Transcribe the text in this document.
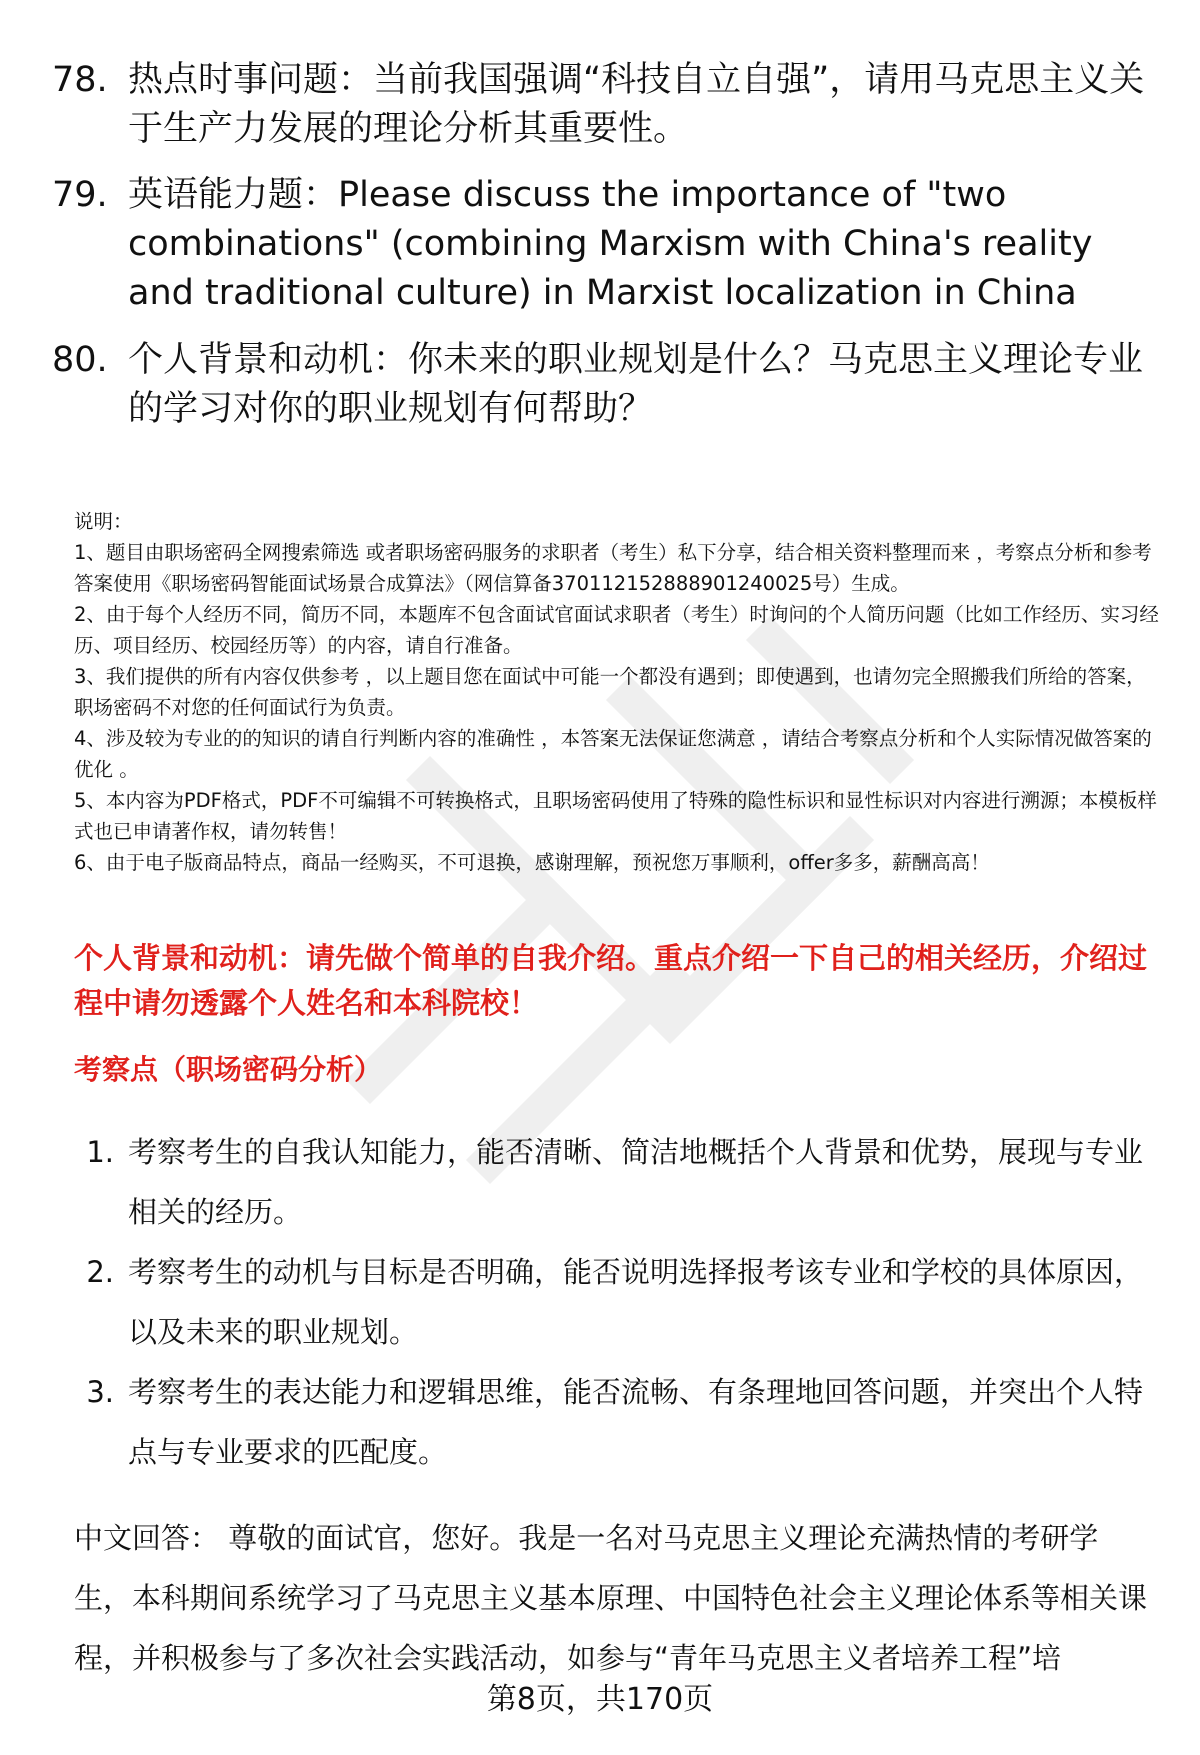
78. 热点时事问题：当前我国强调“科技自立自强”，请用马克思主义关于生产力发展的理论分析其重要性。
79. 英语能力题：Please discuss the importance of "two combinations" (combining Marxism with China's reality and traditional culture) in Marxist localization in China
80. 个人背景和动机：你未来的职业规划是什么？马克思主义理论专业的学习对你的职业规划有何帮助？
说明：
1、题目由职场密码全网搜索筛选 或者职场密码服务的求职者（考生）私下分享，结合相关资料整理而来 ，考察点分析和参考答案使用《职场密码智能面试场景合成算法》（网信算备370112152888901240025号）生成。
2、由于每个人经历不同，简历不同，本题库不包含面试官面试求职者（考生）时询问的个人简历问题（比如工作经历、实习经历、项目经历、校园经历等）的内容，请自行准备。
3、我们提供的所有内容仅供参考 ，以上题目您在面试中可能一个都没有遇到；即使遇到，也请勿完全照搬我们所给的答案，职场密码不对您的任何面试行为负责。
4、涉及较为专业的的知识的请自行判断内容的准确性 ，本答案无法保证您满意 ，请结合考察点分析和个人实际情况做答案的优化 。
5、本内容为PDF格式，PDF不可编辑不可转换格式，且职场密码使用了特殊的隐性标识和显性标识对内容进行溯源；本模板样式也已申请著作权，请勿转售！
6、由于电子版商品特点，商品一经购买，不可退换，感谢理解，预祝您万事顺利，offer多多，薪酬高高！
个人背景和动机：请先做个简单的自我介绍。重点介绍一下自己的相关经历，介绍过程中请勿透露个人姓名和本科院校！
考察点（职场密码分析）
1. 考察考生的自我认知能力，能否清晰、简洁地概括个人背景和优势，展现与专业相关的经历。
2. 考察考生的动机与目标是否明确，能否说明选择报考该专业和学校的具体原因，以及未来的职业规划。
3. 考察考生的表达能力和逻辑思维，能否流畅、有条理地回答问题，并突出个人特点与专业要求的匹配度。
中文回答： 尊敬的面试官，您好。我是一名对马克思主义理论充满热情的考研学生，本科期间系统学习了马克思主义基本原理、中国特色社会主义理论体系等相关课程，并积极参与了多次社会实践活动，如参与“青年马克思主义者培养工程”培
第8页，共170页
